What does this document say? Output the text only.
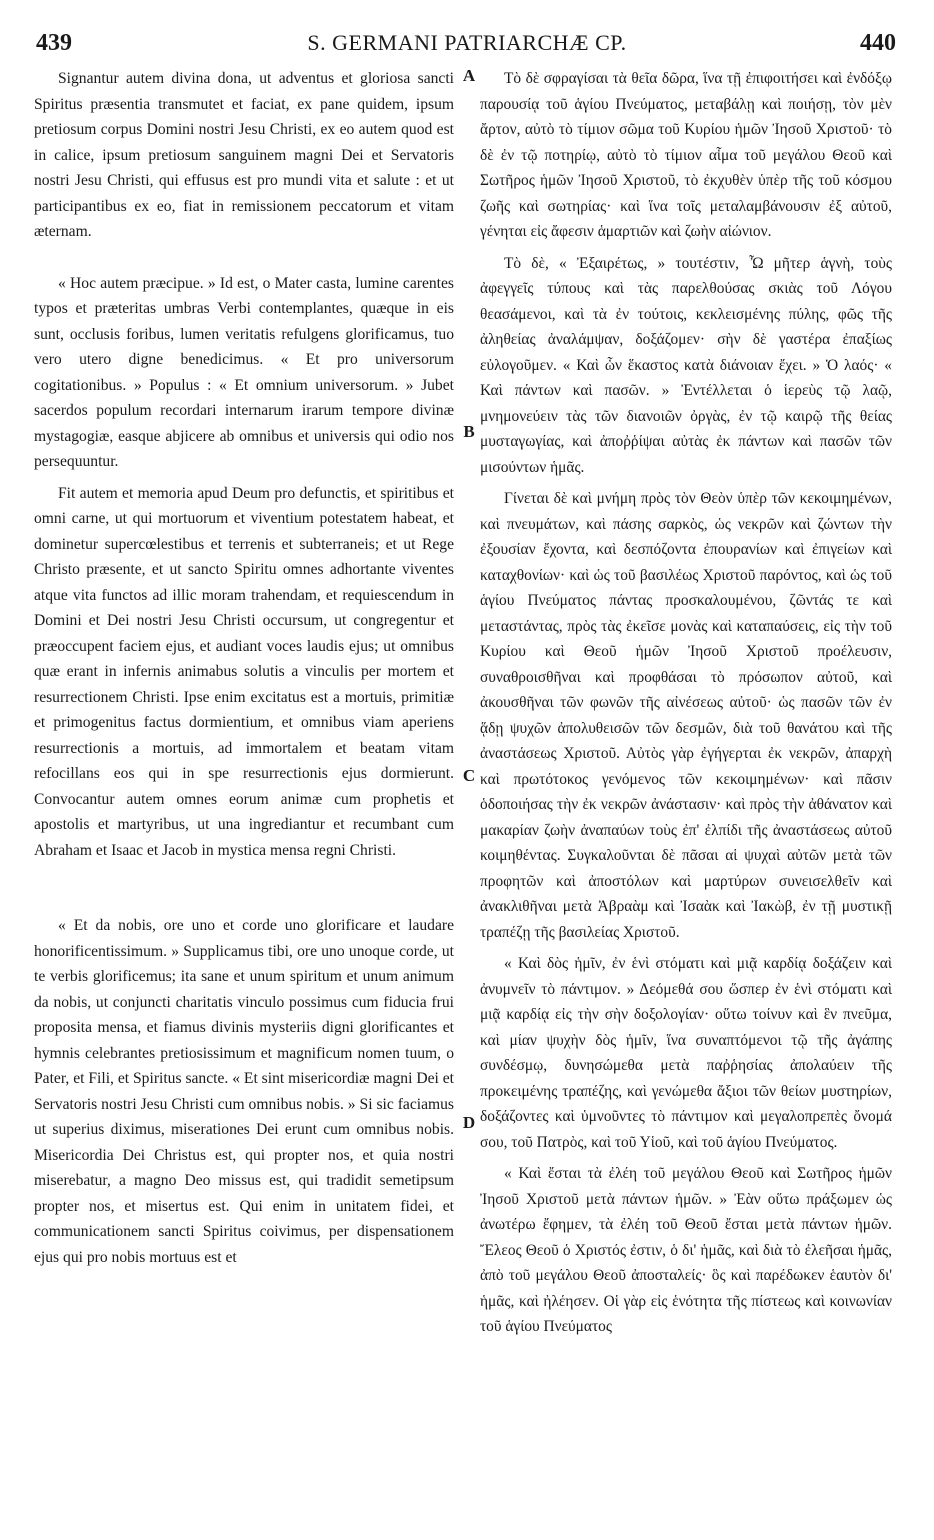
439	S. GERMANI PATRIARCHÆ CP.	440

Signantur autem divina dona, ut adventus et gloriosa sancti Spiritus præsentia transmutet et faciat, ex pane quidem, ipsum pretiosum corpus Domini nostri Jesu Christi, ex eo autem quod est in calice, ipsum pretiosum sanguinem magni Dei et Servatoris nostri Jesu Christi, qui effusus est pro mundi vita et salute : et ut participantibus ex eo, fiat in remissionem peccatorum et vitam æternam.

« Hoc autem præcipue. » Id est, o Mater casta, lumine carentes typos et præteritas umbras Verbi contemplantes, quæque in eis sunt, occlusis foribus, lumen veritatis refulgens glorificamus, tuo vero utero digne benedicimus. « Et pro universorum cogitationibus. » Populus : « Et omnium universorum. » Jubet sacerdos populum recordari internarum irarum tempore divinæ mystagogiæ, easque abjicere ab omnibus et universis qui odio nos persequuntur.

Fit autem et memoria apud Deum pro defunctis, et spiritibus et omni carne, ut qui mortuorum et viventium potestatem habeat, et dominetur supercœlestibus et terrenis et subterraneis; et ut Rege Christo præsente, et ut sancto Spiritu omnes adhortante viventes atque vita functos ad illic moram trahendam, et requiescendum in Domini et Dei nostri Jesu Christi occursum, ut congregentur et præoccupent faciem ejus, et audiant voces laudis ejus; ut omnibus quæ erant in infernis animabus solutis a vinculis per mortem et resurrectionem Christi. Ipse enim excitatus est a mortuis, primitiæ et primogenitus factus dormientium, et omnibus viam aperiens resurrectionis a mortuis, ad immortalem et beatam vitam refocillans eos qui in spe resurrectionis ejus dormierunt. Convocantur autem omnes eorum animæ cum prophetis et apostolis et martyribus, ut una ingrediantur et recumbant cum Abraham et Isaac et Jacob in mystica mensa regni Christi.

« Et da nobis, ore uno et corde uno glorificare et laudare honorificentissimum. » Supplicamus tibi, ore uno unoque corde, ut te verbis glorificemus; ita sane et unum spiritum et unum animum da nobis, ut conjuncti charitatis vinculo possimus cum fiducia frui proposita mensa, et fiamus divinis mysteriis digni glorificantes et hymnis celebrantes pretiosissimum et magnificum nomen tuum, o Pater, et Fili, et Spiritus sancte. « Et sint misericordiæ magni Dei et Servatoris nostri Jesu Christi cum omnibus nobis. » Si sic faciamus ut superius diximus, miserationes Dei erunt cum omnibus nobis. Misericordia Dei Christus est, qui propter nos, et quia nostri miserebatur, a magno Deo missus est, qui tradidit semetipsum propter nos, et misertus est. Qui enim in unitatem fidei, et communicationem sancti Spiritus coivimus, per dispensationem ejus qui pro nobis mortuus est et

A
B
C
D

Τὸ δὲ σφραγίσαι τὰ θεῖα δῶρα, ἵνα τῇ ἐπιφοιτήσει καὶ ἐνδόξῳ παρουσίᾳ τοῦ ἁγίου Πνεύματος, μεταβάλῃ καὶ ποιήσῃ, τὸν μὲν ἄρτον, αὐτὸ τὸ τίμιον σῶμα τοῦ Κυρίου ἡμῶν Ἰησοῦ Χριστοῦ· τὸ δὲ ἐν τῷ ποτηρίῳ, αὐτὸ τὸ τίμιον αἷμα τοῦ μεγάλου Θεοῦ καὶ Σωτῆρος ἡμῶν Ἰησοῦ Χριστοῦ, τὸ ἐκχυθὲν ὑπὲρ τῆς τοῦ κόσμου ζωῆς καὶ σωτηρίας· καὶ ἵνα τοῖς μεταλαμβάνουσιν ἐξ αὐτοῦ, γένηται εἰς ἄφεσιν ἁμαρτιῶν καὶ ζωὴν αἰώνιον.

Τὸ δὲ, « Ἐξαιρέτως, » τουτέστιν, Ὦ μῆτερ ἁγνὴ, τοὺς ἀφεγγεῖς τύπους καὶ τὰς παρελθούσας σκιὰς τοῦ Λόγου θεασάμενοι, καὶ τὰ ἐν τούτοις, κεκλεισμένης πύλης, φῶς τῆς ἀληθείας ἀναλάμψαν, δοξάζομεν· σὴν δὲ γαστέρα ἐπαξίως εὐλογοῦμεν. « Καὶ ὧν ἕκαστος κατὰ διάνοιαν ἔχει. » Ὁ λαός· « Καὶ πάντων καὶ πασῶν. » Ἐντέλλεται ὁ ἱερεὺς τῷ λαῷ, μνημονεύειν τὰς τῶν διανοιῶν ὀργὰς, ἐν τῷ καιρῷ τῆς θείας μυσταγωγίας, καὶ ἀποῤῥίψαι αὐτὰς ἐκ πάντων καὶ πασῶν τῶν μισούντων ἡμᾶς.

Γίνεται δὲ καὶ μνήμη πρὸς τὸν Θεὸν ὑπὲρ τῶν κεκοιμημένων, καὶ πνευμάτων, καὶ πάσης σαρκὸς, ὡς νεκρῶν καὶ ζώντων τὴν ἐξουσίαν ἔχοντα, καὶ δεσπόζοντα ἐπουρανίων καὶ ἐπιγείων καὶ καταχθονίων· καὶ ὡς τοῦ βασιλέως Χριστοῦ παρόντος, καὶ ὡς τοῦ ἁγίου Πνεύματος πάντας προσκαλουμένου, ζῶντάς τε καὶ μεταστάντας, πρὸς τὰς ἐκεῖσε μονὰς καὶ καταπαύσεις, εἰς τὴν τοῦ Κυρίου καὶ Θεοῦ ἡμῶν Ἰησοῦ Χριστοῦ προέλευσιν, συναθροισθῆναι καὶ προφθάσαι τὸ πρόσωπον αὐτοῦ, καὶ ἀκουσθῆναι τῶν φωνῶν τῆς αἰνέσεως αὐτοῦ· ὡς πασῶν τῶν ἐν ᾅδῃ ψυχῶν ἀπολυθεισῶν τῶν δεσμῶν, διὰ τοῦ θανάτου καὶ τῆς ἀναστάσεως Χριστοῦ. Αὐτὸς γὰρ ἐγήγερται ἐκ νεκρῶν, ἀπαρχὴ καὶ πρωτότοκος γενόμενος τῶν κεκοιμημένων· καὶ πᾶσιν ὁδοποιήσας τὴν ἐκ νεκρῶν ἀνάστασιν· καὶ πρὸς τὴν ἀθάνατον καὶ μακαρίαν ζωὴν ἀναπαύων τοὺς ἐπ' ἐλπίδι τῆς ἀναστάσεως αὐτοῦ κοιμηθέντας. Συγκαλοῦνται δὲ πᾶσαι αἱ ψυχαὶ αὐτῶν μετὰ τῶν προφητῶν καὶ ἀποστόλων καὶ μαρτύρων συνεισελθεῖν καὶ ἀνακλιθῆναι μετὰ Ἀβραὰμ καὶ Ἰσαὰκ καὶ Ἰακὼβ, ἐν τῇ μυστικῇ τραπέζῃ τῆς βασιλείας Χριστοῦ.

« Καὶ δὸς ἡμῖν, ἐν ἑνὶ στόματι καὶ μιᾷ καρδίᾳ δοξάζειν καὶ ἀνυμνεῖν τὸ πάντιμον. » Δεόμεθά σου ὥσπερ ἐν ἑνὶ στόματι καὶ μιᾷ καρδίᾳ εἰς τὴν σὴν δοξολογίαν· οὕτω τοίνυν καὶ ἓν πνεῦμα, καὶ μίαν ψυχὴν δὸς ἡμῖν, ἵνα συναπτόμενοι τῷ τῆς ἀγάπης συνδέσμῳ, δυνησώμεθα μετὰ παῤῥησίας ἀπολαύειν τῆς προκειμένης τραπέζης, καὶ γενώμεθα ἄξιοι τῶν θείων μυστηρίων, δοξάζοντες καὶ ὑμνοῦντες τὸ πάντιμον καὶ μεγαλοπρεπὲς ὄνομά σου, τοῦ Πατρὸς, καὶ τοῦ Υἱοῦ, καὶ τοῦ ἁγίου Πνεύματος.

« Καὶ ἔσται τὰ ἐλέη τοῦ μεγάλου Θεοῦ καὶ Σωτῆρος ἡμῶν Ἰησοῦ Χριστοῦ μετὰ πάντων ἡμῶν. » Ἐὰν οὕτω πράξωμεν ὡς ἀνωτέρω ἔφημεν, τὰ ἐλέη τοῦ Θεοῦ ἔσται μετὰ πάντων ἡμῶν. Ἔλεος Θεοῦ ὁ Χριστός ἐστιν, ὁ δι' ἡμᾶς, καὶ διὰ τὸ ἐλεῆσαι ἡμᾶς, ἀπὸ τοῦ μεγάλου Θεοῦ ἀποσταλείς· ὃς καὶ παρέδωκεν ἑαυτὸν δι' ἡμᾶς, καὶ ἠλέησεν. Οἱ γὰρ εἰς ἑνότητα τῆς πίστεως καὶ κοινωνίαν τοῦ ἁγίου Πνεύματος
